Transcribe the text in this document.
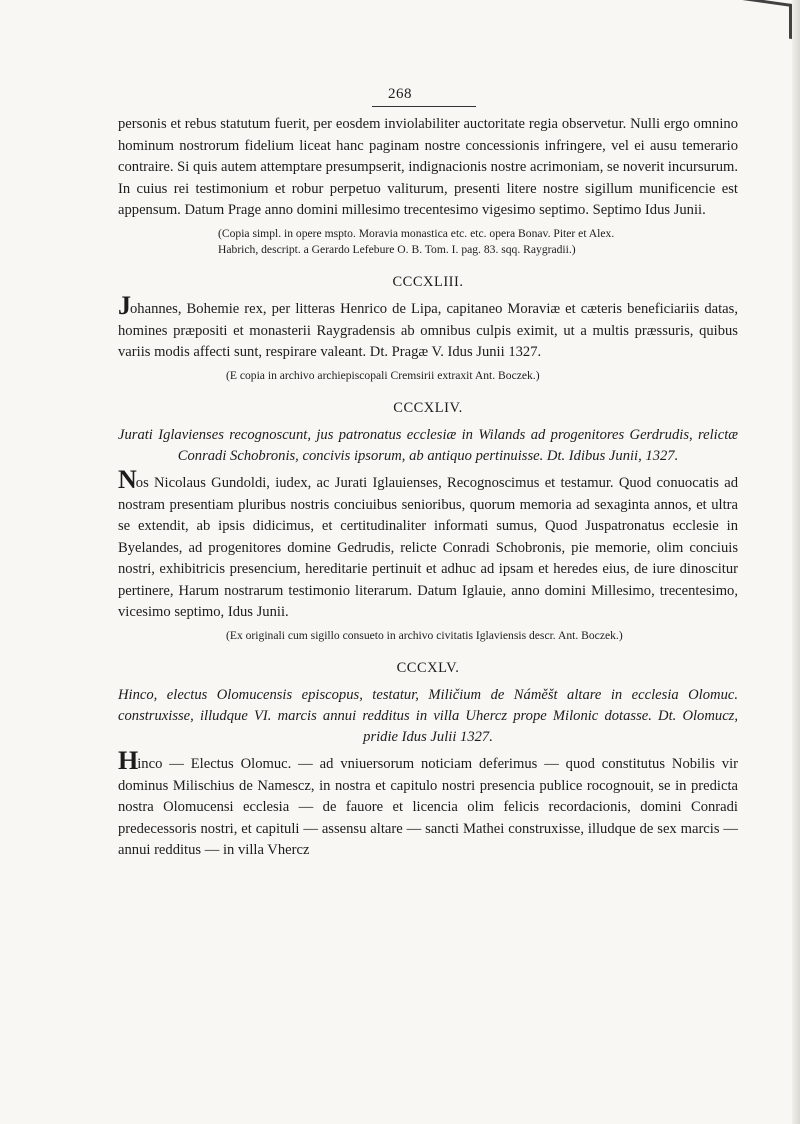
268

personis et rebus statutum fuerit, per eosdem inviolabiliter auctoritate regia observetur. Nulli ergo omnino hominum nostrorum fidelium liceat hanc paginam nostre concessionis infringere, vel ei ausu temerario contraire. Si quis autem attemptare presumpserit, indignacionis nostre acrimoniam, se noverit incursurum. In cuius rei testimonium et robur perpetuo valiturum, presenti litere nostre sigillum munificencie est appensum. Datum Prage anno domini millesimo trecentesimo vigesimo septimo. Septimo Idus Junii.

(Copia simpl. in opere mspto. Moravia monastica etc. etc. opera Bonav. Piter et Alex.
Habrich, descript. a Gerardo Lefebure O. B. Tom. I. pag. 83. sqq. Raygradii.)
CCCXLIII.

Johannes, Bohemie rex, per litteras Henrico de Lipa, capitaneo Moraviæ et cæteris beneficiariis datas, homines præpositi et monasterii Raygradensis ab omnibus culpis eximit, ut a multis præssuris, quibus variis modis affecti sunt, respirare valeant. Dt. Pragæ V. Idus Junii 1327.

(E copia in archivo archiepiscopali Cremsirii extraxit Ant. Boczek.)
CCCXLIV.

Jurati Iglavienses recognoscunt, jus patronatus ecclesiæ in Wilands ad progenitores Gerdrudis, relictæ Conradi Schobronis, concivis ipsorum, ab antiquo pertinuisse. Dt. Idibus Junii, 1327.

Nos Nicolaus Gundoldi, iudex, ac Jurati Iglauienses, Recognoscimus et testamur. Quod conuocatis ad nostram presentiam pluribus nostris conciuibus senioribus, quorum memoria ad sexaginta annos, et ultra se extendit, ab ipsis didicimus, et certitudinaliter informati sumus, Quod Juspatronatus ecclesie in Byelandes, ad progenitores domine Gedrudis, relicte Conradi Schobronis, pie memorie, olim conciuis nostri, exhibitricis presencium, hereditarie pertinuit et adhuc ad ipsam et heredes eius, de iure dinoscitur pertinere, Harum nostrarum testimonio literarum. Datum Iglauie, anno domini Millesimo, trecentesimo, vicesimo septimo, Idus Junii.

(Ex originali cum sigillo consueto in archivo civitatis Iglaviensis descr. Ant. Boczek.)
CCCXLV.

Hinco, electus Olomucensis episcopus, testatur, Miličium de Náměšt altare in ecclesia Olomuc. construxisse, illudque VI. marcis annui redditus in villa Uhercz prope Milonic dotasse. Dt. Olomucz, pridie Idus Julii 1327.

Hinco — Electus Olomuc. — ad vniuersorum noticiam deferimus — quod constitutus Nobilis vir dominus Milischius de Namescz, in nostra et capitulo nostri presencia publice rocognouit, se in predicta nostra Olomucensi ecclesia — de fauore et licencia olim felicis recordacionis, domini Conradi predecessoris nostri, et capituli — assensu altare — sancti Mathei construxisse, illudque de sex marcis — annui redditus — in villa Vhercz
